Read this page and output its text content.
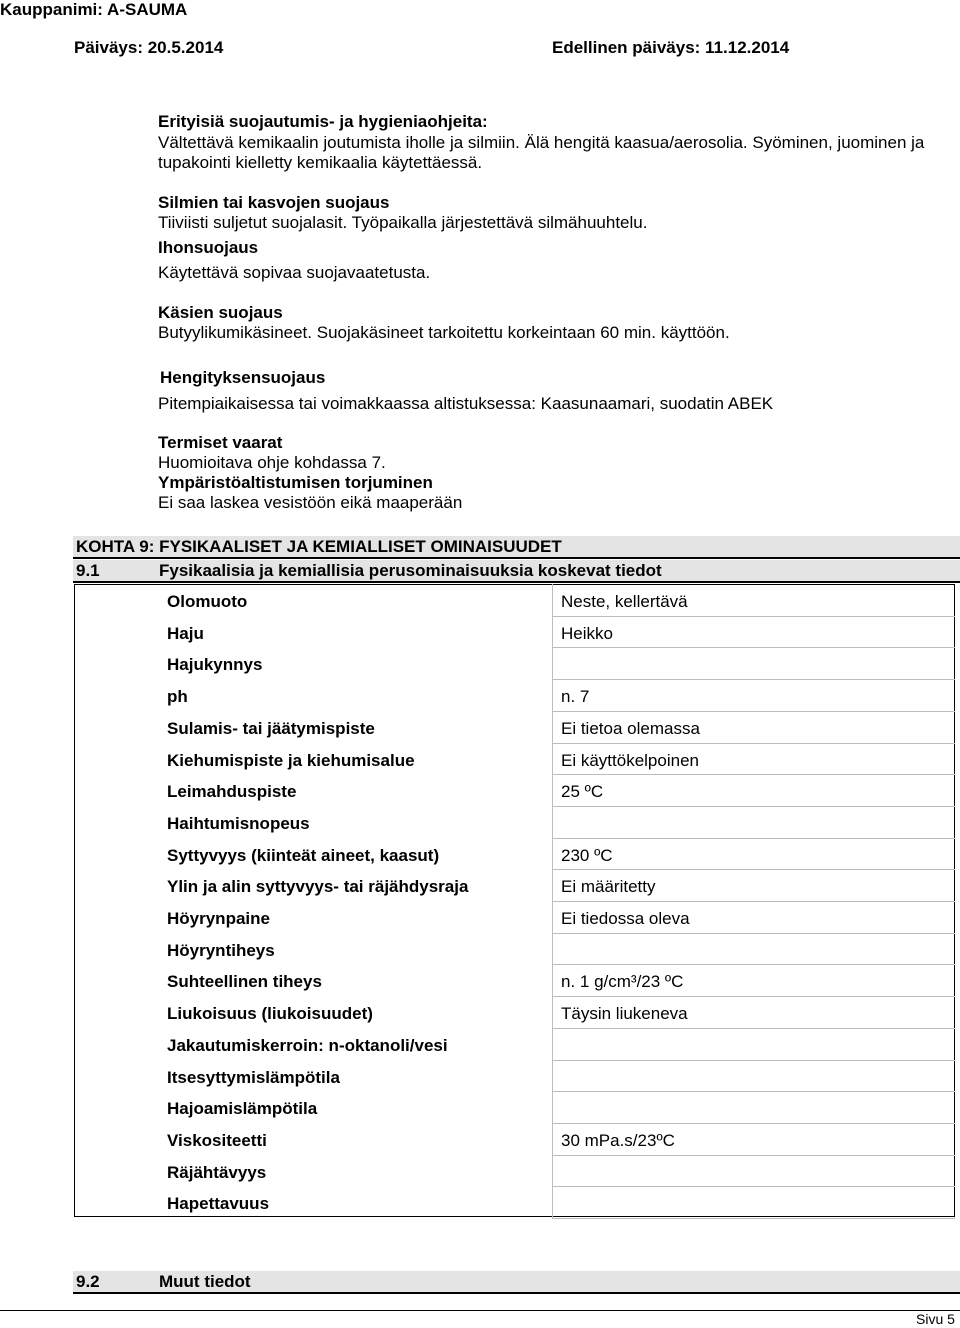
Kauppanimi: A-SAUMA
Päiväys: 20.5.2014	Edellinen päiväys: 11.12.2014
Erityisiä suojautumis- ja hygieniaohjeita:
Vältettävä kemikaalin joutumista iholle ja silmiin. Älä hengitä kaasua/aerosolia. Syöminen, juominen ja
tupakointi kielletty kemikaalia käytettäessä.
Silmien tai kasvojen suojaus
Tiiviisti suljetut suojalasit. Työpaikalla järjestettävä silmähuuhtelu.
Ihonsuojaus
Käytettävä sopivaa suojavaatetusta.
Käsien suojaus
Butyylikumikäsineet. Suojakäsineet tarkoitettu korkeintaan 60 min. käyttöön.
Hengityksensuojaus
Pitempiaikaisessa tai voimakkaassa altistuksessa: Kaasunaamari, suodatin ABEK
Termiset vaarat
Huomioitava ohje kohdassa 7.
Ympäristöaltistumisen torjuminen
Ei saa laskea vesistöön eikä maaperään
KOHTA 9: FYSIKAALISET JA KEMIALLISET OMINAISUUDET
9.1	Fysikaalisia ja kemiallisia perusominaisuuksia koskevat tiedot
Olomuoto	Neste, kellertävä
Haju	Heikko
Hajukynnys
ph	n. 7
Sulamis- tai jäätymispiste	Ei tietoa olemassa
Kiehumispiste ja kiehumisalue	Ei käyttökelpoinen
Leimahduspiste	25 ºC
Haihtumisnopeus
Syttyvyys (kiinteät aineet, kaasut)	230 ºC
Ylin ja alin syttyvyys- tai räjähdysraja	Ei määritetty
Höyrynpaine	Ei tiedossa oleva
Höyryntiheys
Suhteellinen tiheys	n. 1 g/cm³/23 ºC
Liukoisuus (liukoisuudet)	Täysin liukeneva
Jakautumiskerroin: n-oktanoli/vesi
Itsesyttymislämpötila
Hajoamislämpötila
Viskositeetti	30 mPa.s/23ºC
Räjähtävyys
Hapettavuus
9.2	Muut tiedot
Sivu 5
